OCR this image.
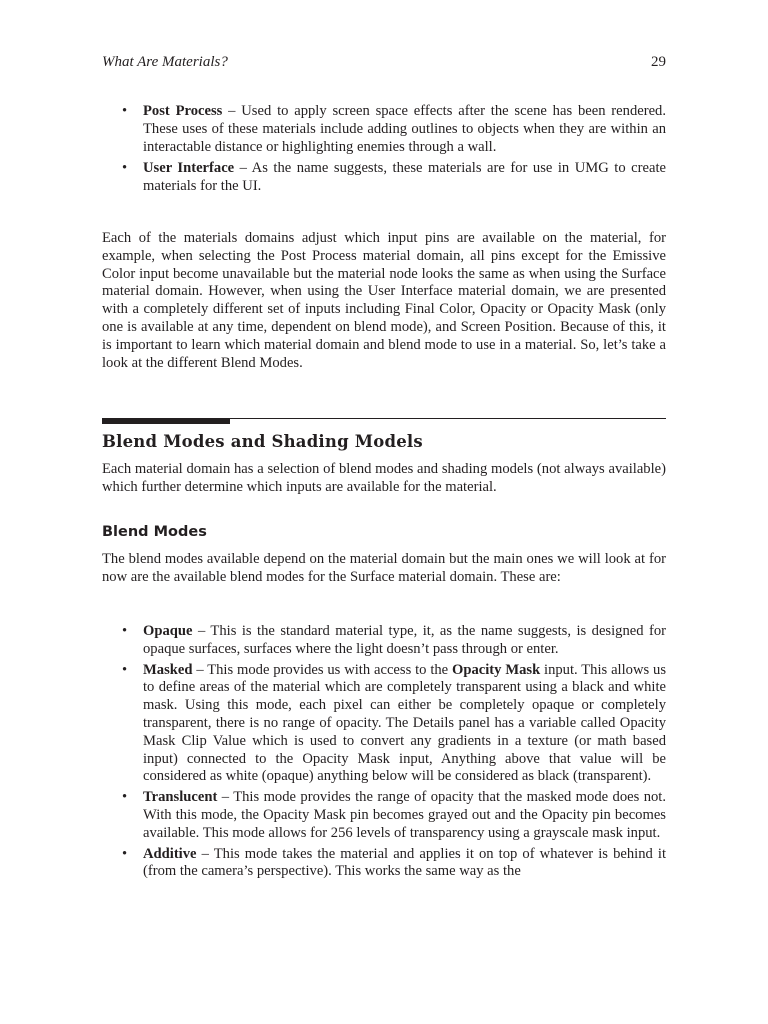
What Are Materials?	29
• Post Process – Used to apply screen space effects after the scene has been rendered. These uses of these materials include adding outlines to objects when they are within an interactable distance or highlighting enemies through a wall.
• User Interface – As the name suggests, these materials are for use in UMG to create materials for the UI.

Each of the materials domains adjust which input pins are available on the material, for example, when selecting the Post Process material domain, all pins except for the Emissive Color input become unavailable but the material node looks the same as when using the Surface material domain. However, when using the User Interface material domain, we are presented with a completely different set of inputs including Final Color, Opacity or Opacity Mask (only one is available at any time, dependent on blend mode), and Screen Position. Because of this, it is important to learn which material domain and blend mode to use in a material. So, let’s take a look at the different Blend Modes.

Blend Modes and Shading Models

Each material domain has a selection of blend modes and shading models (not always available) which further determine which inputs are available for the material.

Blend Modes

The blend modes available depend on the material domain but the main ones we will look at for now are the available blend modes for the Surface material domain. These are:

• Opaque – This is the standard material type, it, as the name suggests, is designed for opaque surfaces, surfaces where the light doesn’t pass through or enter.
• Masked – This mode provides us with access to the Opacity Mask input. This allows us to define areas of the material which are completely transparent using a black and white mask. Using this mode, each pixel can either be completely opaque or completely transparent, there is no range of opacity. The Details panel has a variable called Opacity Mask Clip Value which is used to convert any gradients in a texture (or math based input) connected to the Opacity Mask input, Anything above that value will be considered as white (opaque) anything below will be considered as black (transparent).
• Translucent – This mode provides the range of opacity that the masked mode does not. With this mode, the Opacity Mask pin becomes grayed out and the Opacity pin becomes available. This mode allows for 256 levels of transparency using a grayscale mask input.
• Additive – This mode takes the material and applies it on top of whatever is behind it (from the camera’s perspective). This works the same way as the
